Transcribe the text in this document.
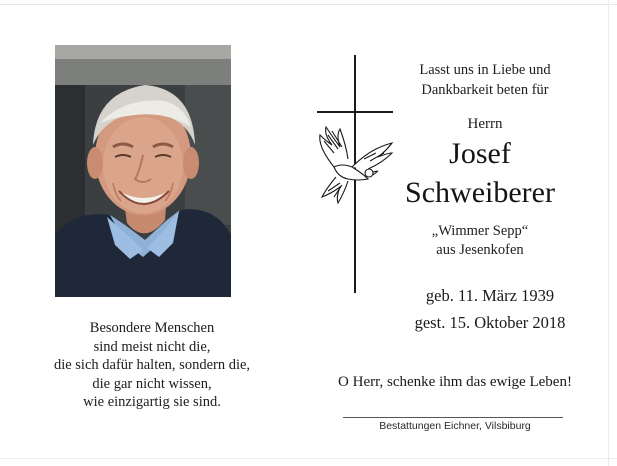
Besondere Menschen
sind meist nicht die,
die sich dafür halten, sondern die,
die gar nicht wissen,
wie einzigartig sie sind.
Lasst uns in Liebe und
Dankbarkeit beten für
Herrn
Josef
Schweiberer
„Wimmer Sepp“
aus Jesenkofen
geb. 11. März 1939
gest. 15. Oktober 2018
O Herr, schenke ihm das ewige Leben!
Bestattungen Eichner, Vilsbiburg
